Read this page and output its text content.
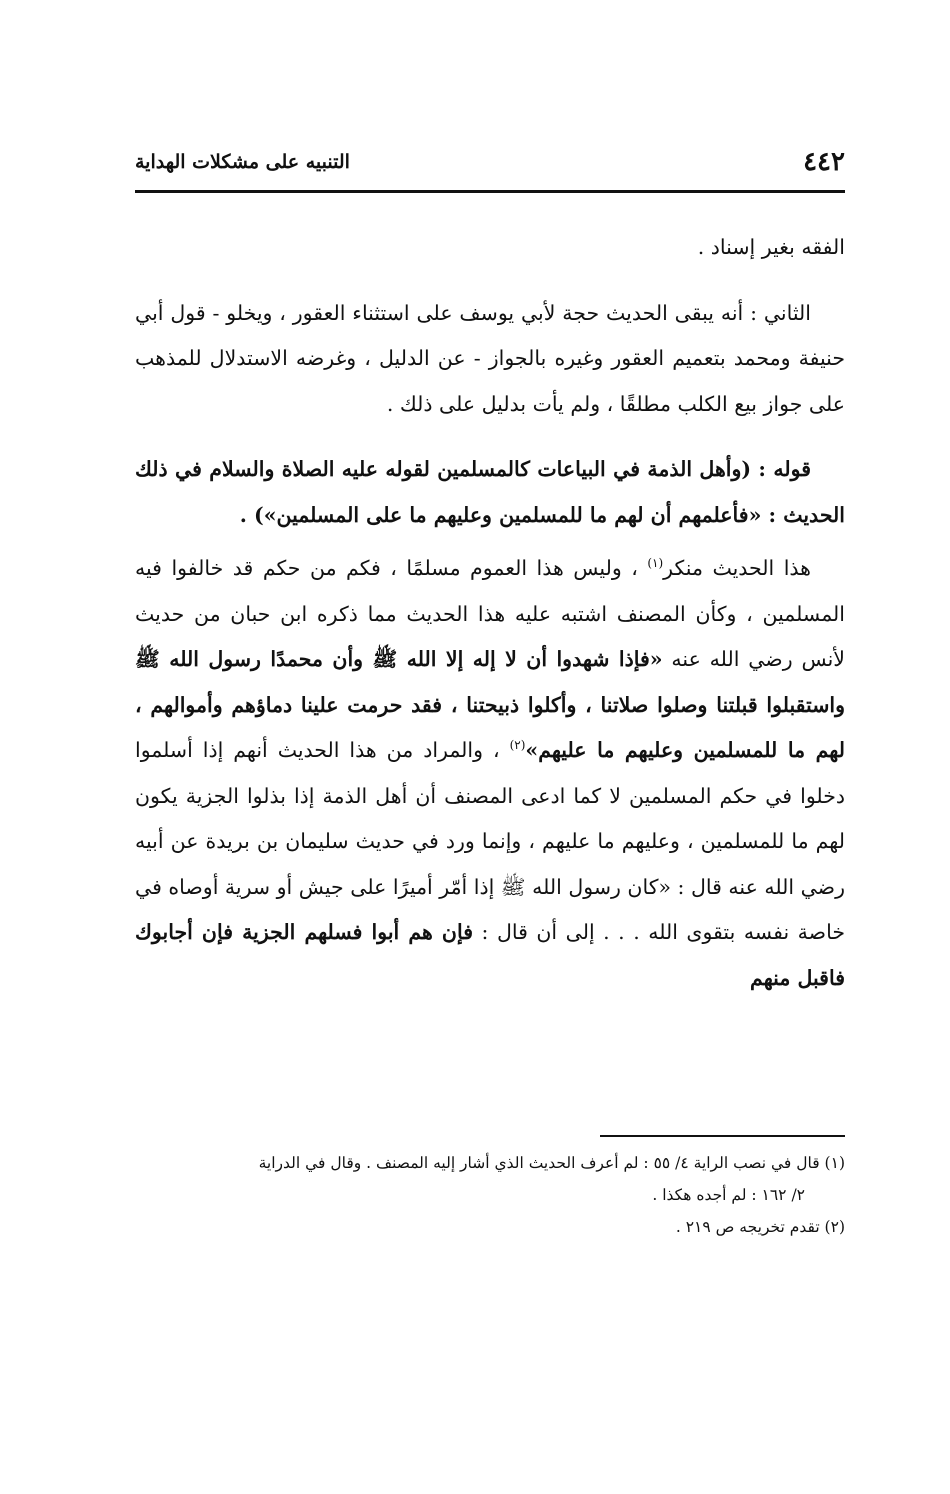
٤٤٢
التنبيه على مشكلات الهداية

الفقه بغير إسناد .

الثاني : أنه يبقى الحديث حجة لأبي يوسف على استثناء العقور ، ويخلو - قول أبي حنيفة ومحمد بتعميم العقور وغيره بالجواز - عن الدليل ، وغرضه الاستدلال للمذهب على جواز بيع الكلب مطلقًا ، ولم يأت بدليل على ذلك .

قوله : (وأهل الذمة في البياعات كالمسلمين لقوله عليه الصلاة والسلام في ذلك الحديث : «فأعلمهم أن لهم ما للمسلمين وعليهم ما على المسلمين») .

هذا الحديث منكر$^{(١)}$ ، وليس هذا العموم مسلمًا ، فكم من حكم قد خالفوا فيه المسلمين ، وكأن المصنف اشتبه عليه هذا الحديث مما ذكره ابن حبان من حديث لأنس رضي الله عنه «فإذا شهدوا أن لا إله إلا الله ﷺ وأن محمدًا رسول الله ﷺ واستقبلوا قبلتنا وصلوا صلاتنا ، وأكلوا ذبيحتنا ، فقد حرمت علينا دماؤهم وأموالهم ، لهم ما للمسلمين وعليهم ما عليهم»$^{(٢)}$ ، والمراد من هذا الحديث أنهم إذا أسلموا دخلوا في حكم المسلمين لا كما ادعى المصنف أن أهل الذمة إذا بذلوا الجزية يكون لهم ما للمسلمين ، وعليهم ما عليهم ، وإنما ورد في حديث سليمان بن بريدة عن أبيه رضي الله عنه قال : «كان رسول الله ﷺ إذا أمّر أميرًا على جيش أو سرية أوصاه في خاصة نفسه بتقوى الله . . . إلى أن قال : فإن هم أبوا فسلهم الجزية فإن أجابوك فاقبل منهم

(١) قال في نصب الراية ٤/ ٥٥ : لم أعرف الحديث الذي أشار إليه المصنف . وقال في الدراية

٢/ ١٦٢ : لم أجده هكذا .

(٢) تقدم تخريجه ص ٢١٩ .
